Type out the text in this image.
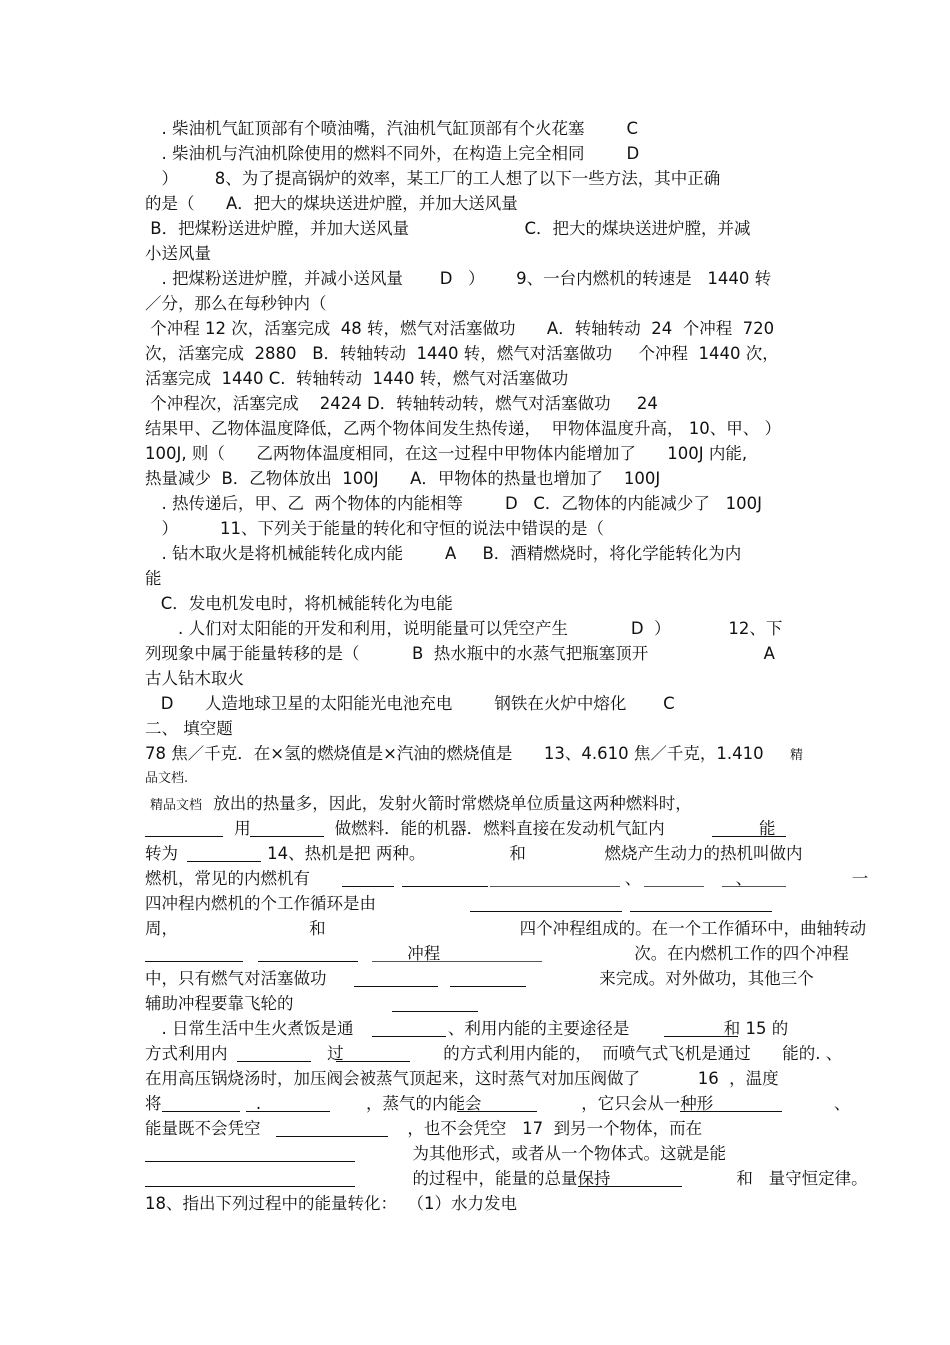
　. 柴油机气缸顶部有个喷油嘴，汽油机气缸顶部有个火花塞        C
　. 柴油机与汽油机除使用的燃料不同外，在构造上完全相同        D
　）       8、为了提高锅炉的效率，某工厂的工人想了以下一些方法，其中正确
的是（      A．把大的煤块送进炉膛，并加大送风量
B．把煤粉送进炉膛，并加大送风量                      C．把大的煤块送进炉膛，并减
小送风量
　. 把煤粉送进炉膛，并减小送风量       D   ）      9、一台内燃机的转速是   1440 转
／分，那么在每秒钟内（
个冲程 12 次，活塞完成  48 转，燃气对活塞做功      A．转轴转动  24  个冲程  720
次，活塞完成  2880   B．转轴转动  1440 转，燃气对活塞做功     个冲程  1440 次，
活塞完成  1440 C.  转轴转动  1440 转，燃气对活塞做功
个冲程次，活塞完成    2424 D．转轴转动转，燃气对活塞做功     24
结果甲、乙物体温度降低，乙两个物体间发生热传递，  甲物体温度升高， 10、甲、 ）
100J, 则（      乙两物体温度相同，在这一过程中甲物体内能增加了      100J 内能,
热量减少  B．乙物体放出  100J      A．甲物体的热量也增加了    100J
　. 热传递后，甲、乙  两个物体的内能相等        D   C．乙物体的内能减少了   100J
　）        11、下列关于能量的转化和守恒的说法中错误的是（
　. 钻木取火是将机械能转化成内能        A     B．酒精燃烧时，将化学能转化为内
能
C．发电机发电时，将机械能转化为电能
　　. 人们对太阳能的开发和利用，说明能量可以凭空产生            D  ）           12、下
列现象中属于能量转移的是（          B  热水瓶中的水蒸气把瓶塞顶开                      A
古人钻木取火
D      人造地球卫星的太阳能光电池充电        钢铁在火炉中熔化       C
二、 填空题
78 焦／千克．在×氢的燃烧值是×汽油的燃烧值是      13、4.610 焦／千克，1.410 精
品文档.
精品文档 放出的热量多，因此，发射火箭时常燃烧单位质量这两种燃料时，
用                做燃料．能的机器．燃料直接在发动机气缸内                  能
转为                 14、热机是把 两种。                和               燃烧产生动力的热机叫做内
燃机，常见的内燃机有                                                            、                  、                   一
四冲程内燃机的个工作循环是由
周，                         和                                     四个冲程组成的。在一个工作循环中，曲轴转动
冲程                                     次。在内燃机工作的四个冲程
中，只有燃气对活塞做功                                                    来完成。对外做功，其他三个
辅助冲程要靠飞轮的
　. 日常生活中生火煮饭是通                  、利用内能的主要途径是                  和 15 的
方式利用内                   过                   的方式利用内能的，  而喷气式飞机是通过      能的. 、
在用高压锅烧汤时，加压阀会被蒸气顶起来，这时蒸气对加压阀做了           16  ，温度
将                  .                    ，蒸气的内能会                   ，它只会从一种形                       、
能量既不会凭空                            ，也不会凭空   17  到另一个物体，而在
为其他形式，或者从一个物体式。这就是能
的过程中，能量的总量保持                        和   量守恒定律。
18、指出下列过程中的能量转化：  （1）水力发电
